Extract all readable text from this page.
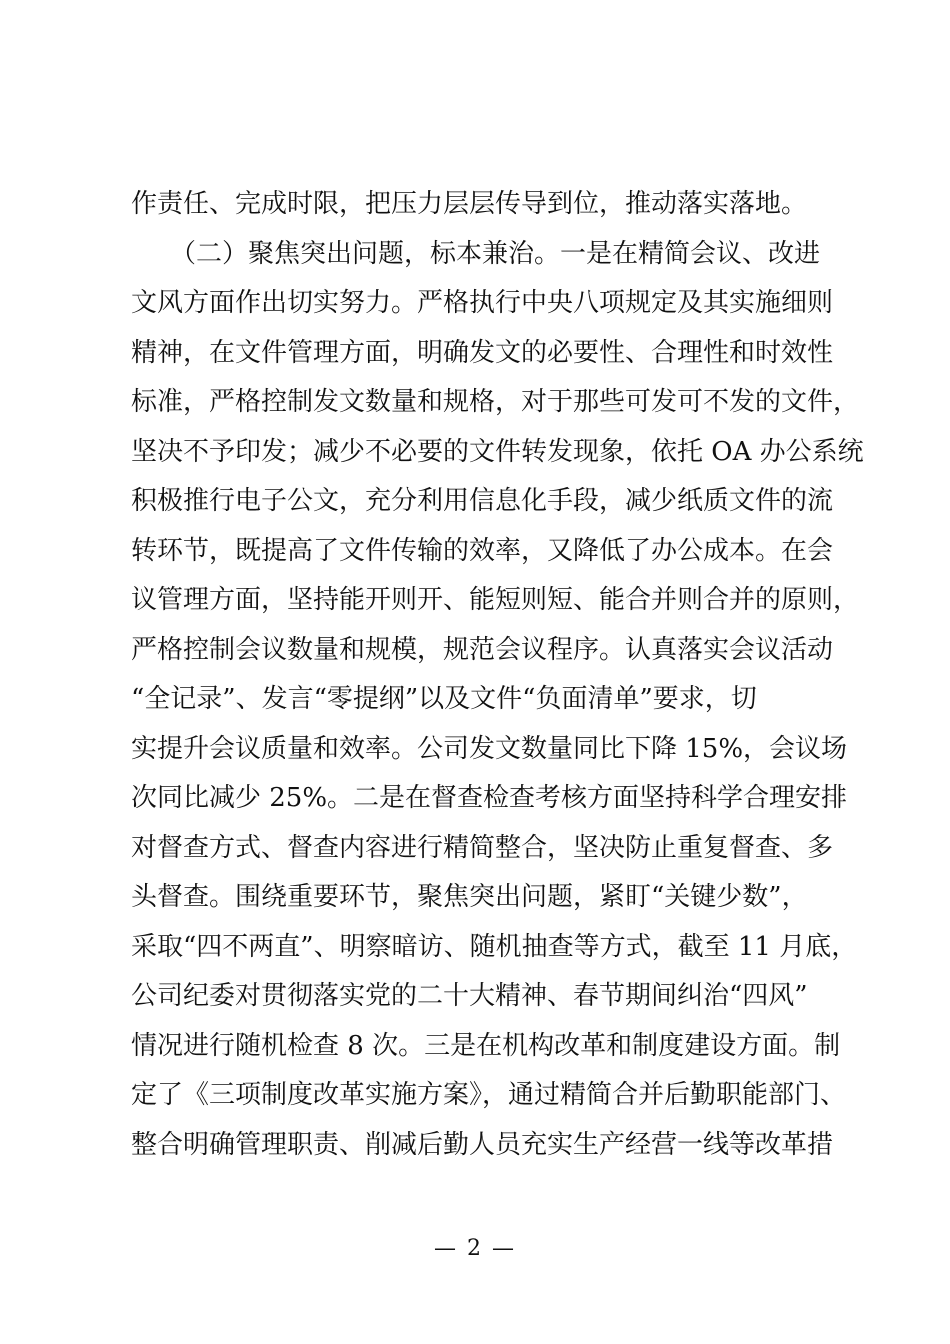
作责任、完成时限，把压力层层传导到位，推动落实落地。
　　（二）聚焦突出问题，标本兼治。一是在精简会议、改进
文风方面作出切实努力。严格执行中央八项规定及其实施细则
精神，在文件管理方面，明确发文的必要性、合理性和时效性
标准，严格控制发文数量和规格，对于那些可发可不发的文件，
坚决不予印发；减少不必要的文件转发现象，依托 OA 办公系统
积极推行电子公文，充分利用信息化手段，减少纸质文件的流
转环节，既提高了文件传输的效率，又降低了办公成本。在会
议管理方面，坚持能开则开、能短则短、能合并则合并的原则，
严格控制会议数量和规模，规范会议程序。认真落实会议活动
“全记录”、发言“零提纲”以及文件“负面清单”要求，切
实提升会议质量和效率。公司发文数量同比下降 15%，会议场
次同比减少 25%。二是在督查检查考核方面坚持科学合理安排
对督查方式、督查内容进行精简整合，坚决防止重复督查、多
头督查。围绕重要环节，聚焦突出问题，紧盯“关键少数”，
采取“四不两直”、明察暗访、随机抽查等方式，截至 11 月底，
公司纪委对贯彻落实党的二十大精神、春节期间纠治“四风”
情况进行随机检查 8 次。三是在机构改革和制度建设方面。制
定了《三项制度改革实施方案》，通过精简合并后勤职能部门、
整合明确管理职责、削减后勤人员充实生产经营一线等改革措
— 2 —
